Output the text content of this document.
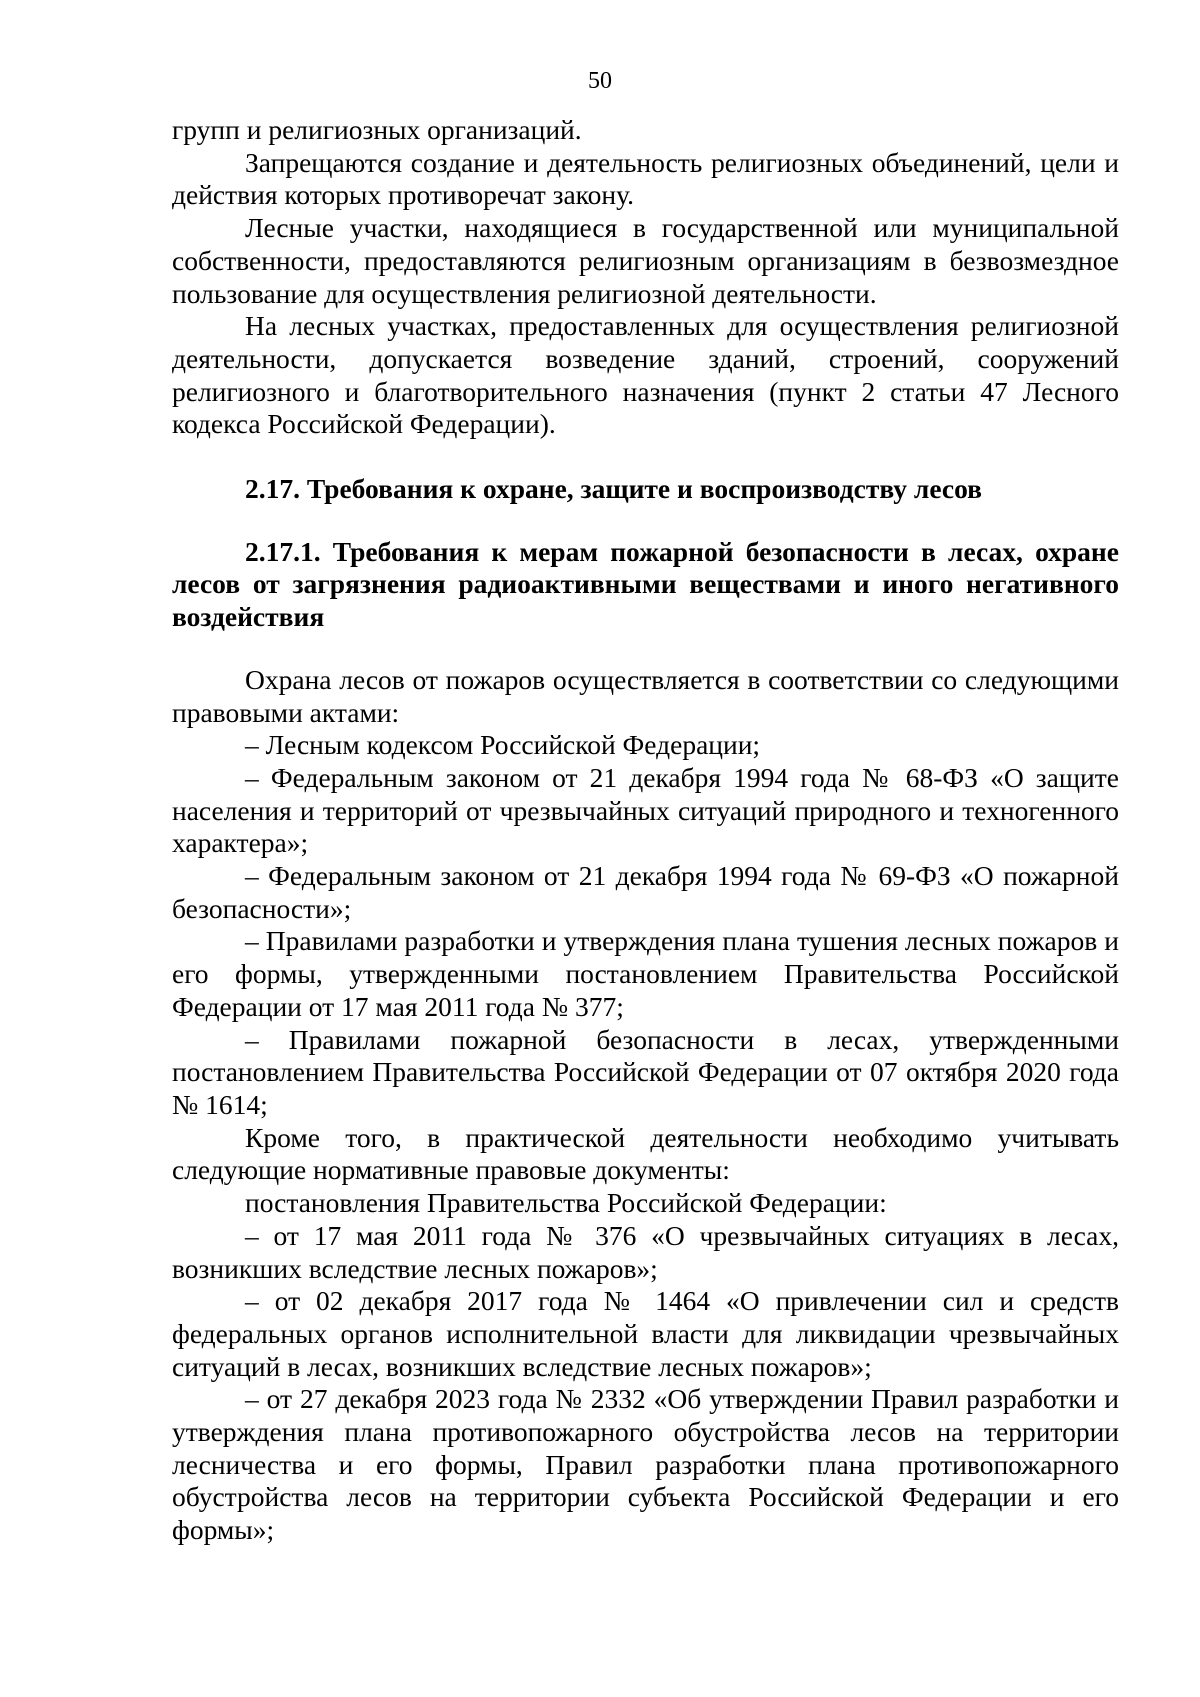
50

групп и религиозных организаций.

Запрещаются создание и деятельность религиозных объединений, цели и действия которых противоречат закону.

Лесные участки, находящиеся в государственной или муниципальной собственности, предоставляются религиозным организациям в безвозмездное пользование для осуществления религиозной деятельности.

На лесных участках, предоставленных для осуществления религиозной деятельности, допускается возведение зданий, строений, сооружений религиозного и благотворительного назначения (пункт 2 статьи 47 Лесного кодекса Российской Федерации).

2.17. Требования к охране, защите и воспроизводству лесов

2.17.1. Требования к мерам пожарной безопасности в лесах, охране лесов от загрязнения радиоактивными веществами и иного негативного воздействия

Охрана лесов от пожаров осуществляется в соответствии со следующими правовыми актами:

– Лесным кодексом Российской Федерации;

– Федеральным законом от 21 декабря 1994 года № 68-ФЗ «О защите населения и территорий от чрезвычайных ситуаций природного и техногенного характера»;

– Федеральным законом от 21 декабря 1994 года № 69-ФЗ «О пожарной безопасности»;

– Правилами разработки и утверждения плана тушения лесных пожаров и его формы, утвержденными постановлением Правительства Российской Федерации от 17 мая 2011 года № 377;

– Правилами пожарной безопасности в лесах, утвержденными постановлением Правительства Российской Федерации от 07 октября 2020 года № 1614;

Кроме того, в практической деятельности необходимо учитывать следующие нормативные правовые документы:

постановления Правительства Российской Федерации:

– от 17 мая 2011 года № 376 «О чрезвычайных ситуациях в лесах, возникших вследствие лесных пожаров»;

– от 02 декабря 2017 года № 1464 «О привлечении сил и средств федеральных органов исполнительной власти для ликвидации чрезвычайных ситуаций в лесах, возникших вследствие лесных пожаров»;

– от 27 декабря 2023 года № 2332 «Об утверждении Правил разработки и утверждения плана противопожарного обустройства лесов на территории лесничества и его формы, Правил разработки плана противопожарного обустройства лесов на территории субъекта Российской Федерации и его формы»;
